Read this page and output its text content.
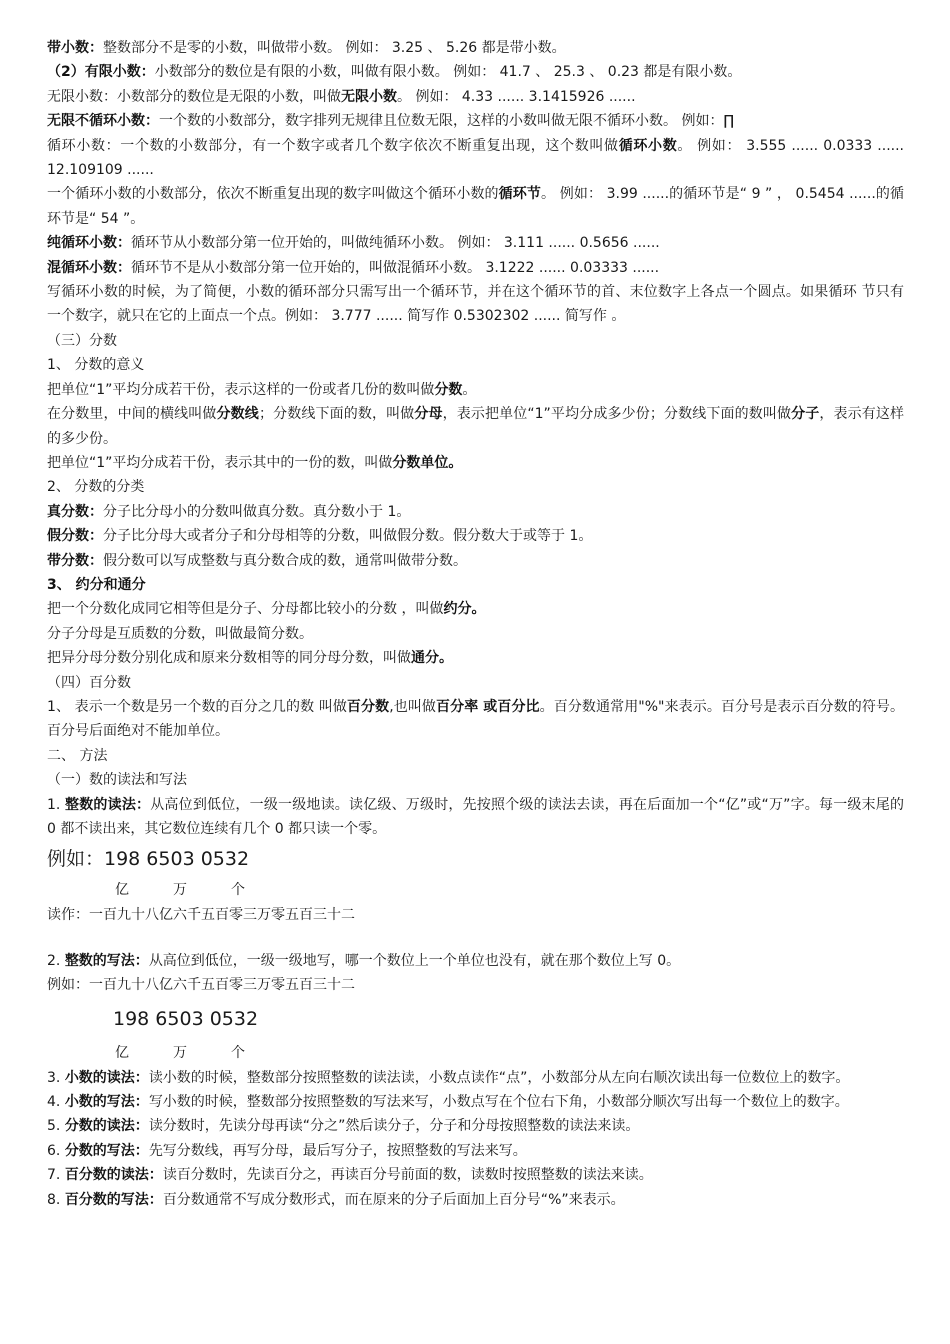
带小数：整数部分不是零的小数，叫做带小数。 例如： 3.25 、 5.26 都是带小数。
（2）有限小数：小数部分的数位是有限的小数，叫做有限小数。 例如： 41.7 、 25.3 、 0.23 都是有限小数。
无限小数：小数部分的数位是无限的小数，叫做无限小数。 例如： 4.33 ...... 3.1415926 ......
无限不循环小数：一个数的小数部分，数字排列无规律且位数无限，这样的小数叫做无限不循环小数。 例如：∏
循环小数：一个数的小数部分，有一个数字或者几个数字依次不断重复出现，这个数叫做循环小数。 例如： 3.555 ...... 0.0333 ...... 12.109109 ......
一个循环小数的小数部分，依次不断重复出现的数字叫做这个循环小数的循环节。 例如： 3.99 ......的循环节是“ 9 ” ， 0.5454 ......的循环节是“ 54 ”。
纯循环小数：循环节从小数部分第一位开始的，叫做纯循环小数。 例如： 3.111 ...... 0.5656 ......
混循环小数：循环节不是从小数部分第一位开始的，叫做混循环小数。 3.1222 ...... 0.03333 ......
写循环小数的时候，为了简便，小数的循环部分只需写出一个循环节，并在这个循环节的首、末位数字上各点一个圆点。如果循环 节只有 一个数字，就只在它的上面点一个点。例如： 3.777 ...... 简写作 0.5302302 ...... 简写作 。
（三）分数
1、 分数的意义
把单位“1”平均分成若干份，表示这样的一份或者几份的数叫做分数。
在分数里，中间的横线叫做分数线；分数线下面的数，叫做分母，表示把单位“1”平均分成多少份；分数线下面的数叫做分子，表示有这样的多少份。
把单位“1”平均分成若干份，表示其中的一份的数，叫做分数单位。
2、 分数的分类
真分数：分子比分母小的分数叫做真分数。真分数小于 1。
假分数：分子比分母大或者分子和分母相等的分数，叫做假分数。假分数大于或等于 1。
带分数：假分数可以写成整数与真分数合成的数，通常叫做带分数。
3、 约分和通分
把一个分数化成同它相等但是分子、分母都比较小的分数 ，叫做约分。
分子分母是互质数的分数，叫做最简分数。
把异分母分数分别化成和原来分数相等的同分母分数，叫做通分。
（四）百分数
1、 表示一个数是另一个数的百分之几的数 叫做百分数,也叫做百分率 或百分比。百分数通常用"%"来表示。百分号是表示百分数的符号。 百分号后面绝对不能加单位。
二、 方法
（一）数的读法和写法
1. 整数的读法：从高位到低位，一级一级地读。读亿级、万级时，先按照个级的读法去读，再在后面加一个“亿”或“万”字。每一级末尾的 0 都不读出来，其它数位连续有几个 0 都只读一个零。
例如：198 6503 0532
亿	万	个
读作：一百九十八亿六千五百零三万零五百三十二
2. 整数的写法：从高位到低位，一级一级地写，哪一个数位上一个单位也没有，就在那个数位上写 0。
例如：一百九十八亿六千五百零三万零五百三十二
198 6503 0532
亿	万	个
3. 小数的读法：读小数的时候，整数部分按照整数的读法读，小数点读作“点”，小数部分从左向右顺次读出每一位数位上的数字。
4. 小数的写法：写小数的时候，整数部分按照整数的写法来写，小数点写在个位右下角，小数部分顺次写出每一个数位上的数字。
5. 分数的读法：读分数时，先读分母再读“分之”然后读分子，分子和分母按照整数的读法来读。
6. 分数的写法：先写分数线，再写分母，最后写分子，按照整数的写法来写。
7. 百分数的读法：读百分数时，先读百分之，再读百分号前面的数，读数时按照整数的读法来读。
8. 百分数的写法：百分数通常不写成分数形式，而在原来的分子后面加上百分号“%”来表示。
